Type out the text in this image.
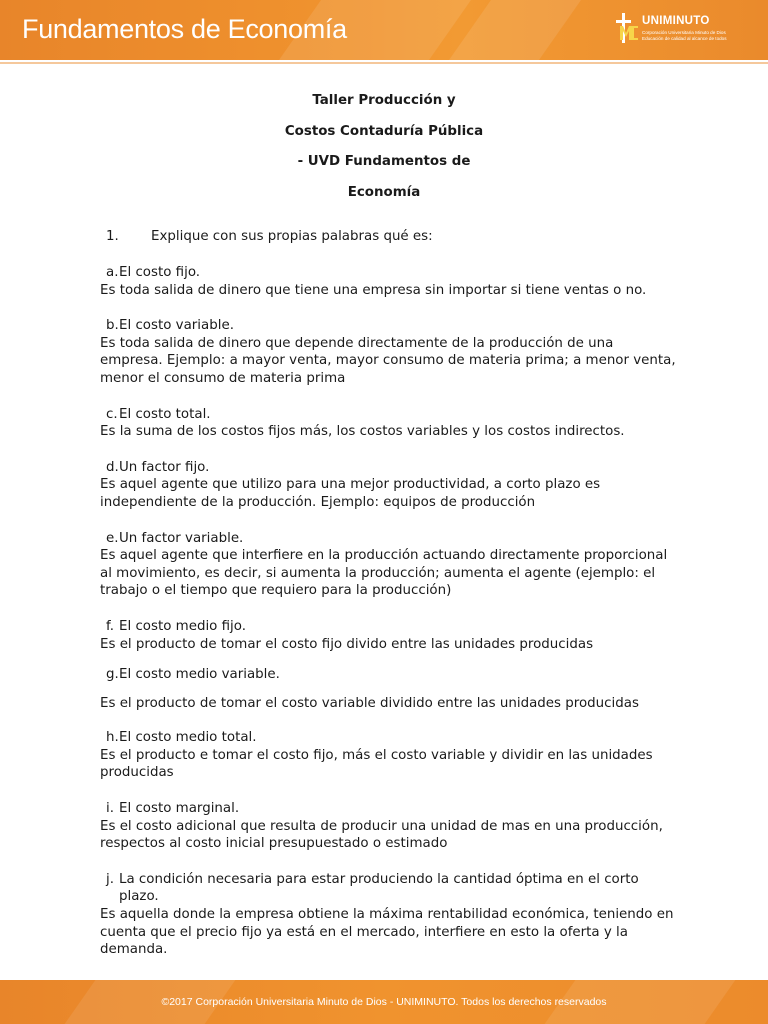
Fundamentos de Economía	UNIMINUTO
Corporación Universitaria Minuto de Dios
Educación de calidad al alcance de todos
Taller Producción y
Costos Contaduría Pública
- UVD Fundamentos de
Economía
1. Explique con sus propias palabras qué es:
a. El costo fijo.

Es toda salida de dinero que tiene una empresa sin importar si tiene ventas o no.

b. El costo variable.

Es toda salida de dinero que depende directamente de la producción de una empresa. Ejemplo: a mayor venta, mayor consumo de materia prima; a menor venta, menor el consumo de materia prima

c. El costo total.

Es la suma de los costos fijos más, los costos variables y los costos indirectos.

d. Un factor fijo.

Es aquel agente que utilizo para una mejor productividad, a corto plazo es independiente de la producción. Ejemplo: equipos de producción

e. Un factor variable.

Es aquel agente que interfiere en la producción actuando directamente proporcional al movimiento, es decir, si aumenta la producción; aumenta el agente (ejemplo: el trabajo o el tiempo que requiero para la producción)

f. El costo medio fijo.

Es el producto de tomar el costo fijo divido entre las unidades producidas

g. El costo medio variable.

Es el producto de tomar el costo variable dividido entre las unidades producidas

h. El costo medio total.

Es el producto e tomar el costo fijo, más el costo variable y dividir en las unidades producidas

i. El costo marginal.

Es el costo adicional que resulta de producir una unidad de mas en una producción, respectos al costo inicial presupuestado o estimado

j. La condición necesaria para estar produciendo la cantidad óptima en el corto plazo.

Es aquella donde la empresa obtiene la máxima rentabilidad económica, teniendo en cuenta que el precio fijo ya está en el mercado, interfiere en esto la oferta y la demanda.

©2017 Corporación Universitaria Minuto de Dios - UNIMINUTO. Todos los derechos reservados
